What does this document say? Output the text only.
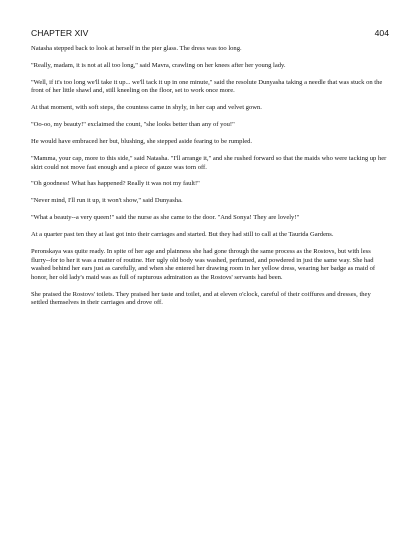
CHAPTER XIV	404

Natasha stepped back to look at herself in the pier glass. The dress was too long.

"Really, madam, it is not at all too long," said Mavra, crawling on her knees after her young lady.

"Well, if it's too long we'll take it up... we'll tack it up in one minute," said the resolute Dunyasha taking a needle that was stuck on the front of her little shawl and, still kneeling on the floor, set to work once more.

At that moment, with soft steps, the countess came in shyly, in her cap and velvet gown.

"Oo-oo, my beauty!" exclaimed the count, "she looks better than any of you!"

He would have embraced her but, blushing, she stepped aside fearing to be rumpled.

"Mamma, your cap, more to this side," said Natasha. "I'll arrange it," and she rushed forward so that the maids who were tacking up her skirt could not move fast enough and a piece of gauze was torn off.

"Oh goodness! What has happened? Really it was not my fault!"

"Never mind, I'll run it up, it won't show," said Dunyasha.

"What a beauty--a very queen!" said the nurse as she came to the door. "And Sonya! They are lovely!"

At a quarter past ten they at last got into their carriages and started. But they had still to call at the Taurida Gardens.

Peronskaya was quite ready. In spite of her age and plainness she had gone through the same process as the Rostovs, but with less flurry--for to her it was a matter of routine. Her ugly old body was washed, perfumed, and powdered in just the same way. She had washed behind her ears just as carefully, and when she entered her drawing room in her yellow dress, wearing her badge as maid of honor, her old lady's maid was as full of rapturous admiration as the Rostovs' servants had been.

She praised the Rostovs' toilets. They praised her taste and toilet, and at eleven o'clock, careful of their coiffures and dresses, they settled themselves in their carriages and drove off.
